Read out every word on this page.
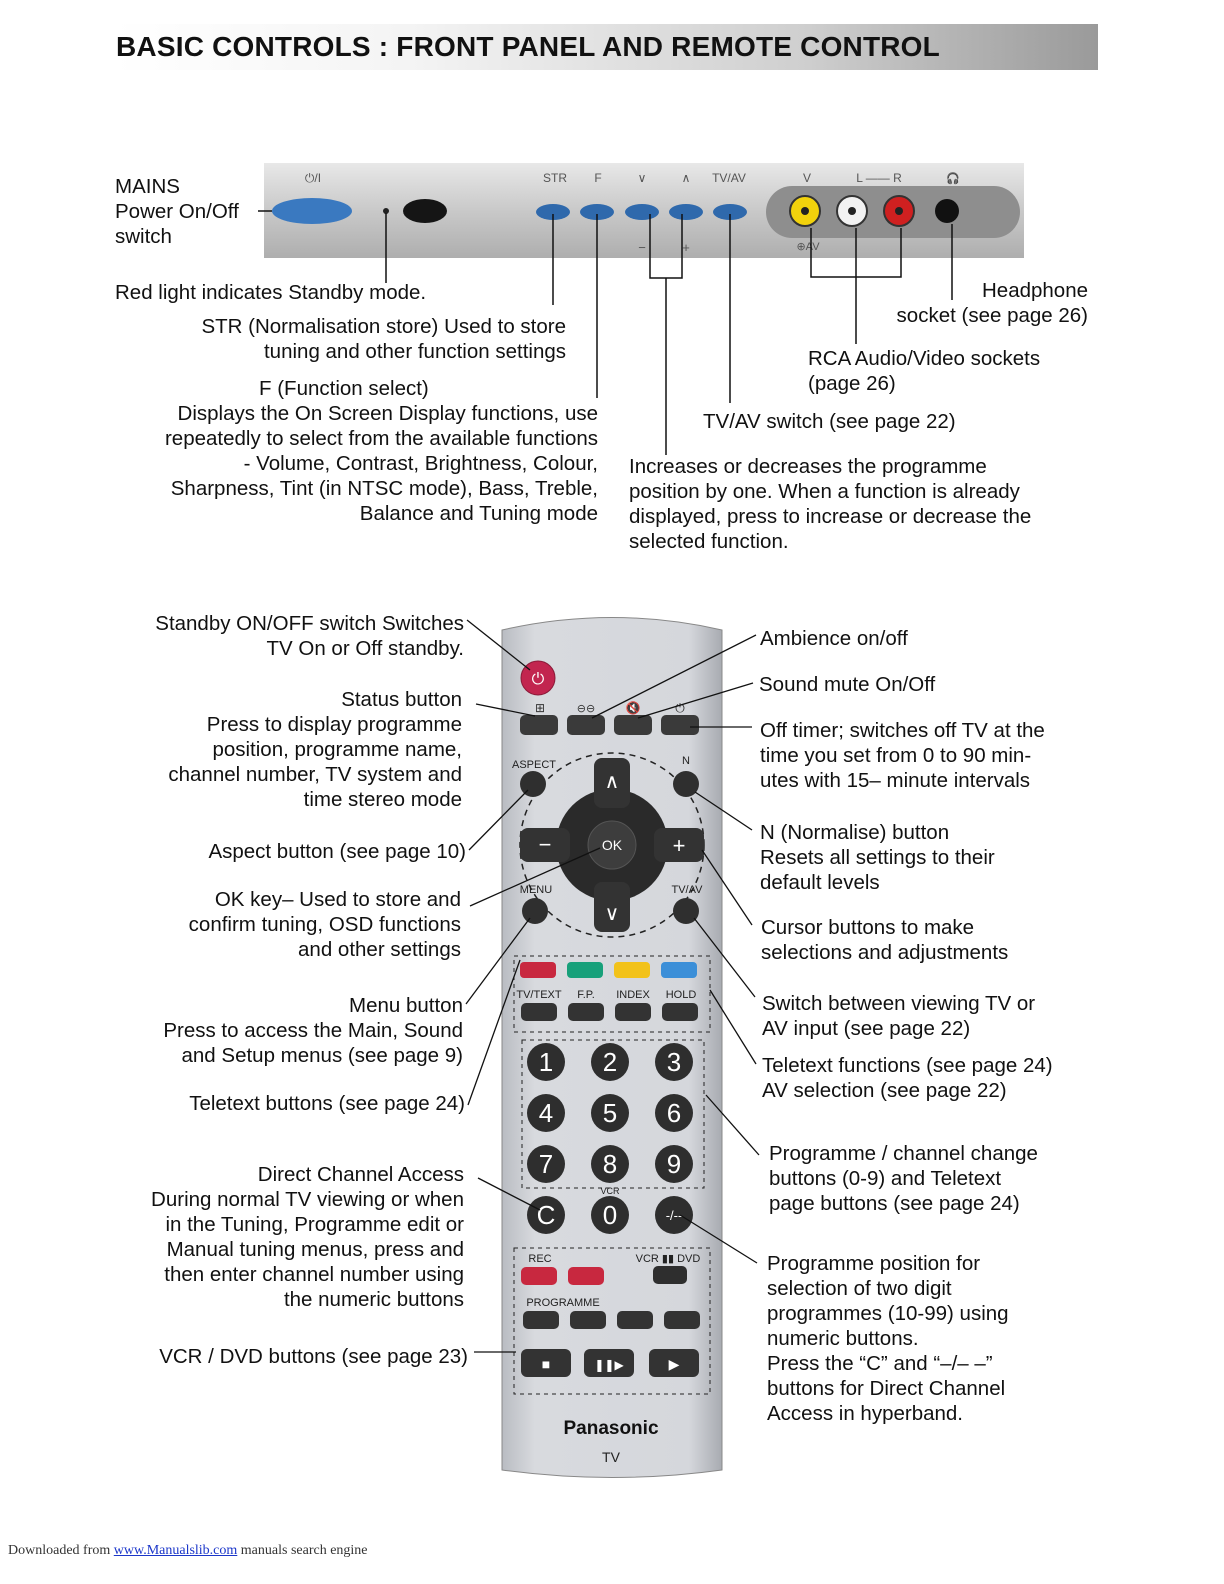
BASIC CONTROLS : FRONT PANEL AND REMOTE CONTROL
⏻/I	STR F	∨	∧ TV/AV	V	L —— R	🎧
−	+	⊕AV
MAINS
Power On/Off
switch
Red light indicates Standby mode.
STR (Normalisation store) Used to store
tuning and other function settings
F (Function select)
Displays the On Screen Display functions, use
repeatedly to select from the available functions
- Volume, Contrast, Brightness, Colour,
Sharpness, Tint (in NTSC mode), Bass, Treble,
Balance and Tuning mode
Headphone
socket (see page 26)
RCA Audio/Video sockets
(page 26)
TV/AV switch (see page 22)
Increases or decreases the programme
position by one. When a function is already
displayed, press to increase or decrease the
selected function.
⏻
⊞	⊖⊖	🔇	⏻
OK
∧
∨
−	+
ASPECT	N
MENU	TV/AV
TV/TEXT F.P. INDEX HOLD
1 2 3
4 5 6
7 8 9
C 0	-/--
VCR
REC	VCR ▮▮ DVD
PROGRAMME
■	❚❚▶	▶
Panasonic
TV
Standby ON/OFF switch Switches
TV On or Off standby.
Status button
Press to display programme
position, programme name,
channel number, TV system and
time stereo mode
Aspect button (see page 10)
OK key– Used to store and
confirm tuning, OSD functions
and other settings
Menu button
Press to access the Main, Sound
and Setup menus (see page 9)
Teletext buttons (see page 24)
Direct Channel Access
During normal TV viewing or when
in the Tuning, Programme edit or
Manual tuning menus, press and
then enter channel number using
the numeric buttons
VCR / DVD buttons (see page 23)
Ambience on/off
Sound mute On/Off
Off timer; switches off TV at the
time you set from 0 to 90 min-
utes with 15– minute intervals
N (Normalise) button
Resets all settings to their
default levels
Cursor buttons to make
selections and adjustments
Switch between viewing TV or
AV input (see page 22)
Teletext functions (see page 24)
AV selection (see page 22)
Programme / channel change
buttons (0-9) and Teletext
page buttons (see page 24)
Programme position for
selection of two digit
programmes (10-99) using
numeric buttons.
Press the “C” and “–/– –”
buttons for Direct Channel
Access in hyperband.
Downloaded from www.Manualslib.com manuals search engine
